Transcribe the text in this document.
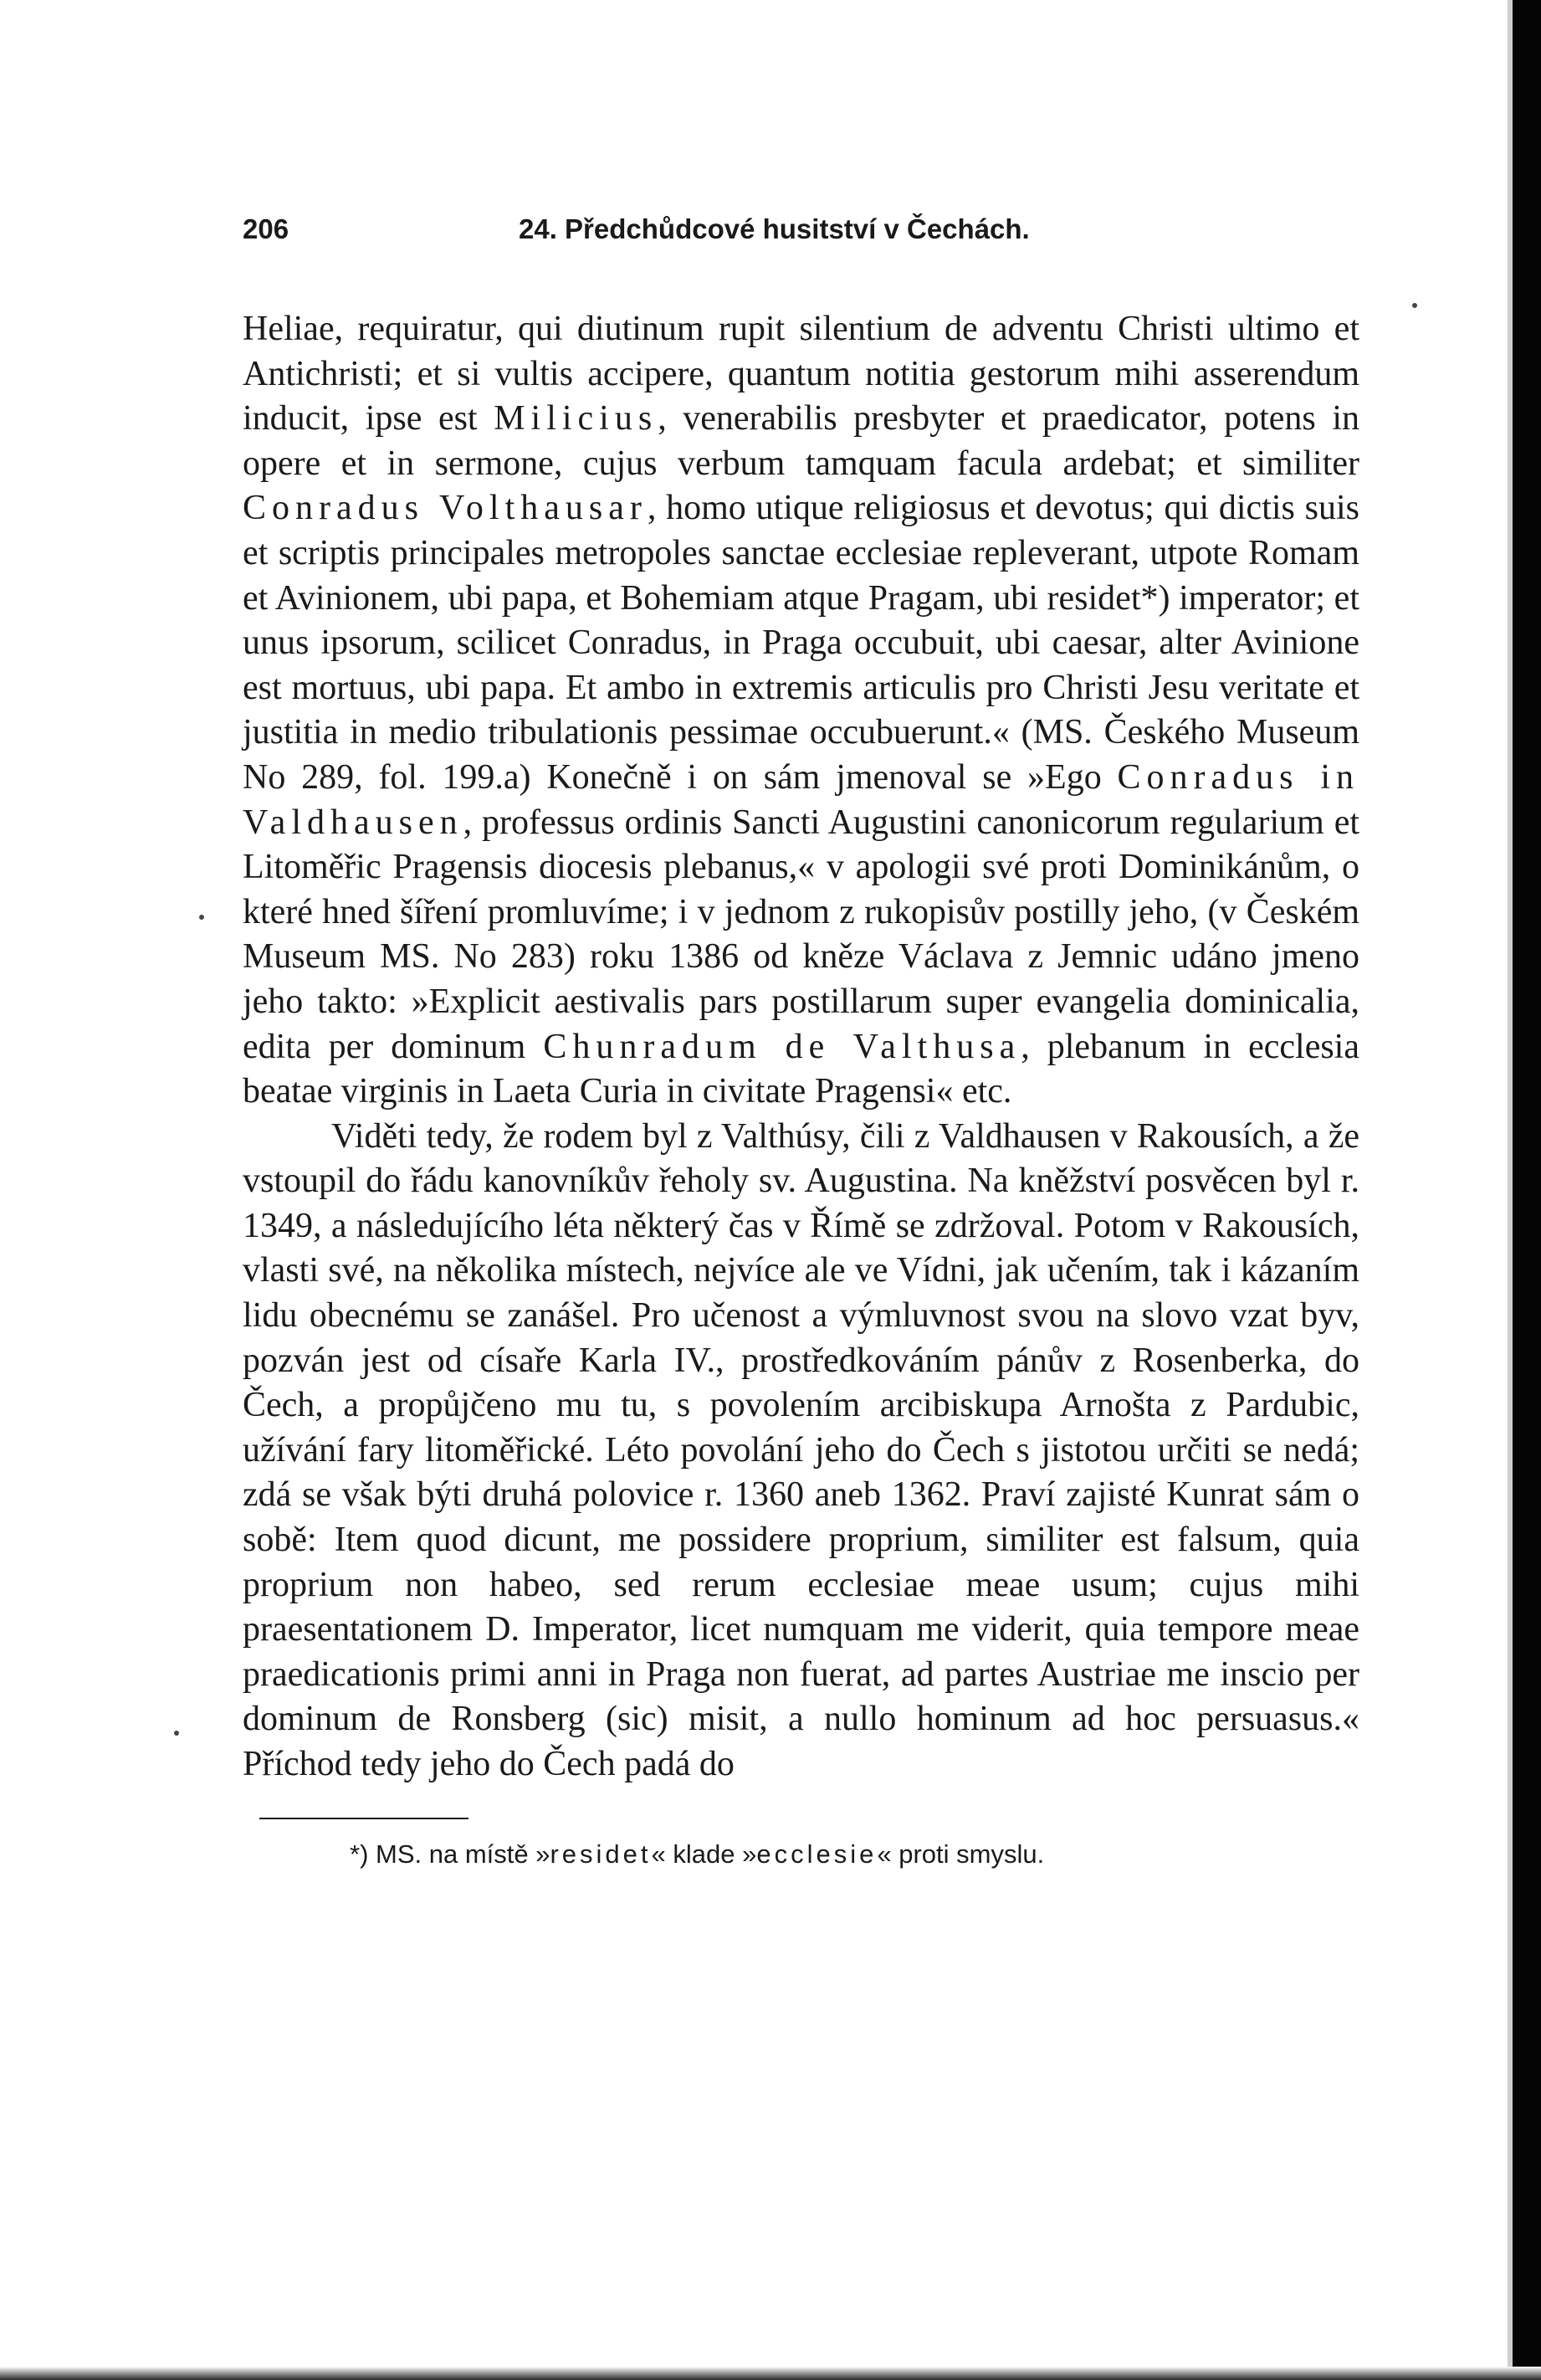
206	24. Předchůdcové husitství v Čechách.

Heliae, requiratur, qui diutinum rupit silentium de adventu Christi ultimo et Antichristi; et si vultis accipere, quantum notitia gestorum mihi asserendum inducit, ipse est Milicius, venerabilis presbyter et praedicator, potens in opere et in sermone, cujus verbum tamquam facula ardebat; et similiter Conradus Volthausar, homo utique religiosus et devotus; qui dictis suis et scriptis principales metropoles sanctae ecclesiae repleverant, utpote Romam et Avinionem, ubi papa, et Bohemiam atque Pragam, ubi residet*) imperator; et unus ipsorum, scilicet Conradus, in Praga occubuit, ubi caesar, alter Avinione est mortuus, ubi papa. Et ambo in extremis articulis pro Christi Jesu veritate et justitia in medio tribulationis pessimae occubuerunt.« (MS. Českého Museum No 289, fol. 199.a) Konečně i on sám jmenoval se »Ego Conradus in Valdhausen, professus ordinis Sancti Augustini canonicorum regularium et Litoměřic Pragensis diocesis plebanus,« v apologii své proti Dominikánům, o které hned šíření promluvíme; i v jednom z rukopisův postilly jeho, (v Českém Museum MS. No 283) roku 1386 od kněze Václava z Jemnic udáno jmeno jeho takto: »Explicit aestivalis pars postillarum super evangelia dominicalia, edita per dominum Chunradum de Valthusa, plebanum in ecclesia beatae virginis in Laeta Curia in civitate Pragensi« etc.

Viděti tedy, že rodem byl z Valthúsy, čili z Valdhausen v Rakousích, a že vstoupil do řádu kanovníkův řeholy sv. Augustina. Na kněžství posvěcen byl r. 1349, a následujícího léta některý čas v Římě se zdržoval. Potom v Rakousích, vlasti své, na několika místech, nejvíce ale ve Vídni, jak učením, tak i kázaním lidu obecnému se zanášel. Pro učenost a výmluvnost svou na slovo vzat byv, pozván jest od císaře Karla IV., prostředkováním pánův z Rosenberka, do Čech, a propůjčeno mu tu, s povolením arcibiskupa Arnošta z Pardubic, užívání fary litoměřické. Léto povolání jeho do Čech s jistotou určiti se nedá; zdá se však býti druhá polovice r. 1360 aneb 1362. Praví zajisté Kunrat sám o sobě: Item quod dicunt, me possidere proprium, similiter est falsum, quia proprium non habeo, sed rerum ecclesiae meae usum; cujus mihi praesentationem D. Imperator, licet numquam me viderit, quia tempore meae praedicationis primi anni in Praga non fuerat, ad partes Austriae me inscio per dominum de Ronsberg (sic) misit, a nullo hominum ad hoc persuasus.« Příchod tedy jeho do Čech padá do

*) MS. na místě »residet« klade »ecclesie« proti smyslu.
